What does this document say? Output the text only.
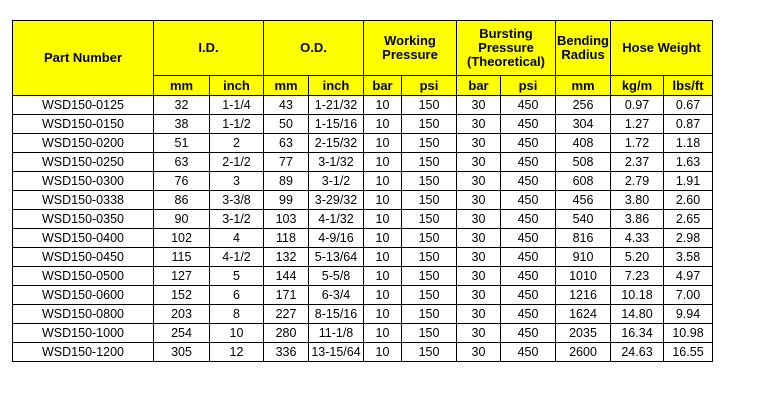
Part Number	I.D.		O.D.		Working Pressure		Bursting Pressure (Theoretical)		Bending Radius	Hose Weight	
	mm	inch	mm	inch	bar	psi	bar	psi	mm	kg/m	lbs/ft
WSD150-0125	32	1-1/4	43	1-21/32	10	150	30	450	256	0.97	0.67
WSD150-0150	38	1-1/2	50	1-15/16	10	150	30	450	304	1.27	0.87
WSD150-0200	51	2	63	2-15/32	10	150	30	450	408	1.72	1.18
WSD150-0250	63	2-1/2	77	3-1/32	10	150	30	450	508	2.37	1.63
WSD150-0300	76	3	89	3-1/2	10	150	30	450	608	2.79	1.91
WSD150-0338	86	3-3/8	99	3-29/32	10	150	30	450	456	3.80	2.60
WSD150-0350	90	3-1/2	103	4-1/32	10	150	30	450	540	3.86	2.65
WSD150-0400	102	4	118	4-9/16	10	150	30	450	816	4.33	2.98
WSD150-0450	115	4-1/2	132	5-13/64	10	150	30	450	910	5.20	3.58
WSD150-0500	127	5	144	5-5/8	10	150	30	450	1010	7.23	4.97
WSD150-0600	152	6	171	6-3/4	10	150	30	450	1216	10.18	7.00
WSD150-0800	203	8	227	8-15/16	10	150	30	450	1624	14.80	9.94
WSD150-1000	254	10	280	11-1/8	10	150	30	450	2035	16.34	10.98
WSD150-1200	305	12	336	13-15/64	10	150	30	450	2600	24.63	16.55
